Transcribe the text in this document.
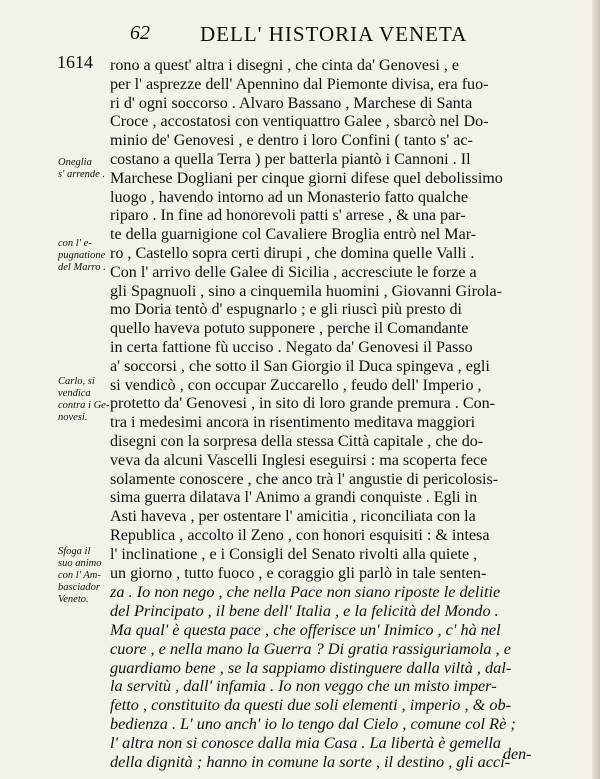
62 DELL' HISTORIA VENETA
1614
Oneglia
s' arrende .
con l' e-
pugnatione
del Marro .
Carlo, si
vendica
contra i Ge-
novesi.
Sfoga il
suo animo
con l' Am-
basciador
Veneto.
rono a quest' altra i disegni , che cinta da' Genovesi , e
per l' asprezze dell' Apennino dal Piemonte divisa, era fuo-
ri d' ogni soccorso . Alvaro Bassano , Marchese di Santa
Croce , accostatosi con ventiquattro Galee , sbarcò nel Do-
minio de' Genovesi , e dentro i loro Confini ( tanto s' ac-
costano a quella Terra ) per batterla piantò i Cannoni . Il
Marchese Dogliani per cinque giorni difese quel debolissimo
luogo , havendo intorno ad un Monasterio fatto qualche
riparo . In fine ad honorevoli patti s' arrese , & una par-
te della guarnigione col Cavaliere Broglia entrò nel Mar-
ro , Castello sopra certi dirupi , che domina quelle Valli .
Con l' arrivo delle Galee di Sicilia , accresciute le forze a
gli Spagnuoli , sino a cinquemila huomini , Giovanni Girola-
mo Doria tentò d' espugnarlo ; e gli riuscì più presto di
quello haveva potuto supponere , perche il Comandante
in certa fattione fù ucciso . Negato da' Genovesi il Passo
a' soccorsi , che sotto il San Giorgio il Duca spingeva , egli
si vendicò , con occupar Zuccarello , feudo dell' Imperio ,
protetto da' Genovesi , in sito di loro grande premura . Con-
tra i medesimi ancora in risentimento meditava maggiori
disegni con la sorpresa della stessa Città capitale , che do-
veva da alcuni Vascelli Inglesi eseguirsi : ma scoperta fece
solamente conoscere , che anco trà l' angustie di pericolosis-
sima guerra dilatava l' Animo a grandi conquiste . Egli in
Asti haveva , per ostentare l' amicitia , riconciliata con la
Republica , accolto il Zeno , con honori esquisiti : & intesa
l' inclinatione , e i Consigli del Senato rivolti alla quiete ,
un giorno , tutto fuoco , e coraggio gli parlò in tale senten-
za . Io non nego , che nella Pace non siano riposte le delitie
del Principato , il bene dell' Italia , e la felicità del Mondo .
Ma qual' è questa pace , che offerisce un' Inimico , c' hà nel
cuore , e nella mano la Guerra ? Di gratia rassiguriamola , e
guardiamo bene , se la sappiamo distinguere dalla viltà , dal-
la servitù , dall' infamia . Io non veggo che un misto imper-
fetto , constituito da questi due soli elementi , imperio , & ob-
bedienza . L' uno anch' io lo tengo dal Cielo , comune col Rè ;
l' altra non si conosce dalla mia Casa . La libertà è gemella
della dignità ; hanno in comune la sorte , il destino , gli acci-
den-
